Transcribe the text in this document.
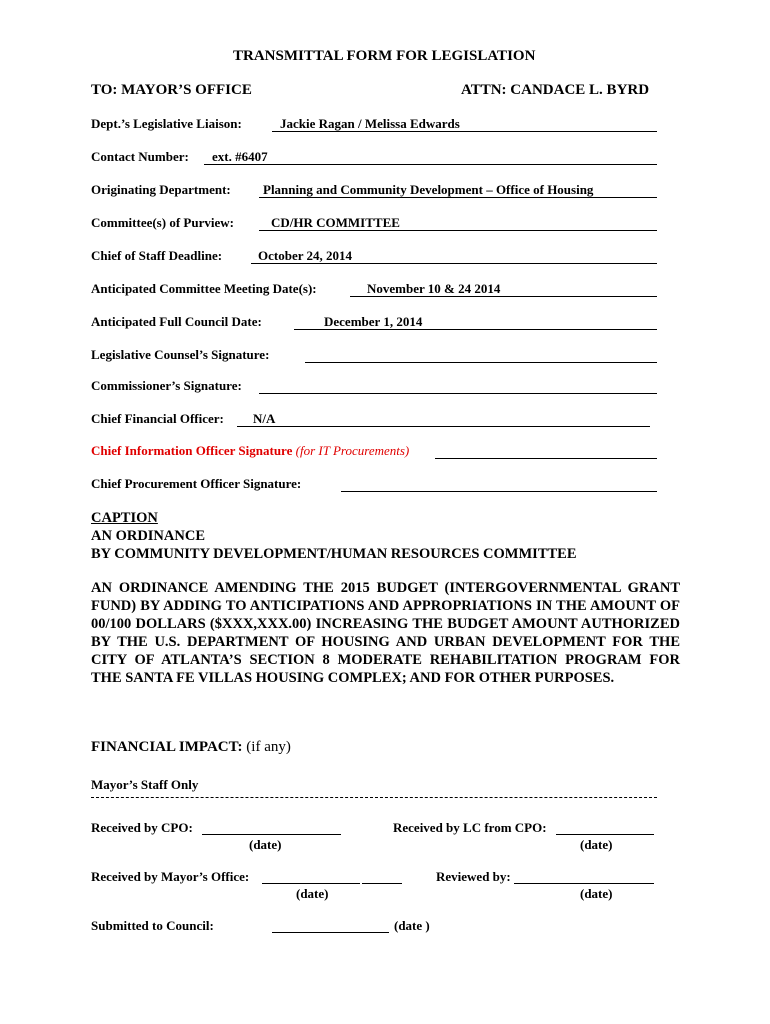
TRANSMITTAL FORM FOR LEGISLATION
TO: MAYOR’S OFFICE	ATTN: CANDACE L. BYRD
Dept.’s Legislative Liaison:	Jackie Ragan / Melissa Edwards
Contact Number: ext. #6407
Originating Department: Planning and Community Development – Office of Housing
Committee(s) of Purview:	CD/HR COMMITTEE
Chief of Staff Deadline:	October 24, 2014
Anticipated Committee Meeting Date(s):	November 10 & 24 2014
Anticipated Full Council Date:	December 1, 2014
Legislative Counsel’s Signature:
Commissioner’s Signature:
Chief Financial Officer: N/A
Chief Information Officer Signature (for IT Procurements)
Chief Procurement Officer Signature:
CAPTION
AN ORDINANCE
BY COMMUNITY DEVELOPMENT/HUMAN RESOURCES COMMITTEE
AN ORDINANCE AMENDING THE 2015 BUDGET (INTERGOVERNMENTAL GRANT FUND) BY ADDING TO ANTICIPATIONS AND APPROPRIATIONS IN THE AMOUNT OF 00/100 DOLLARS ($XXX,XXX.00) INCREASING THE BUDGET AMOUNT AUTHORIZED BY THE U.S. DEPARTMENT OF HOUSING AND URBAN DEVELOPMENT FOR THE CITY OF ATLANTA’S SECTION 8 MODERATE REHABILITATION PROGRAM FOR THE SANTA FE VILLAS HOUSING COMPLEX; AND FOR OTHER PURPOSES.
FINANCIAL IMPACT: (if any)
Mayor’s Staff Only
Received by CPO:
(date)
Received by LC from CPO:
(date)
Received by Mayor’s Office:
(date)
Reviewed by:
(date)
Submitted to Council:	(date )
